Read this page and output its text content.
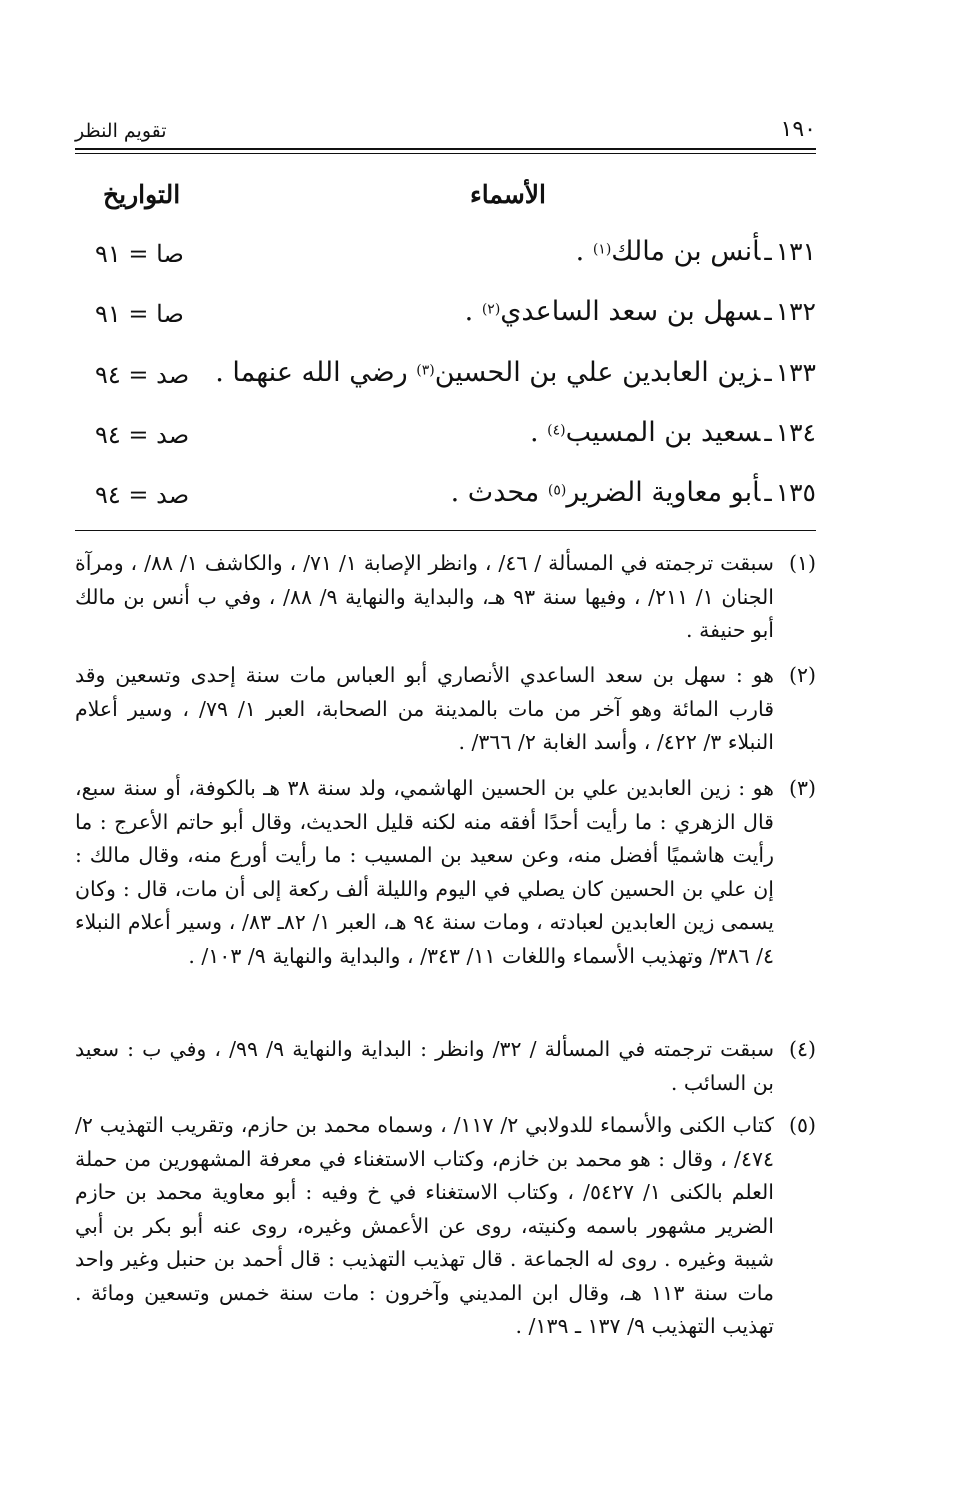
١٩٠
تقويم النظر
الأسماء
التواريخ
١٣١ـأنس بن مالك$^{(١)}$ .
صا = ٩١
١٣٢ـسهل بن سعد الساعدي$^{(٢)}$ .
صا = ٩١
١٣٣ـزين العابدين علي بن الحسين$^{(٣)}$ رضي الله عنهما .
صد = ٩٤
١٣٤ـسعيد بن المسيب$^{(٤)}$ .
صد = ٩٤
١٣٥ـأبو معاوية الضرير$^{(٥)}$ محدث .
صد = ٩٤
(١)
سبقت ترجمته في المسألة / ٤٦/ ، وانظر الإصابة ١/ ٧١/ ، والكاشف ١/ ٨٨/ ، ومرآة الجنان ١/ ٢١١/ ، وفيها سنة ٩٣ هـ، والبداية والنهاية ٩/ ٨٨/ ، وفي ب أنس بن مالك أبو حنيفة .
(٢)
هو : سهل بن سعد الساعدي الأنصاري أبو العباس مات سنة إحدى وتسعين وقد قارب المائة وهو آخر من مات بالمدينة من الصحابة، العبر ١/ ٧٩/ ، وسير أعلام النبلاء ٣/ ٤٢٢/ ، وأسد الغابة ٢/ ٣٦٦/ .
(٣)
هو : زين العابدين علي بن الحسين الهاشمي، ولد سنة ٣٨ هـ بالكوفة، أو سنة سبع، قال الزهري : ما رأيت أحدًا أفقه منه لكنه قليل الحديث، وقال أبو حاتم الأعرج : ما رأيت هاشميًا أفضل منه، وعن سعيد بن المسيب : ما رأيت أورع منه، وقال مالك : إن علي بن الحسين كان يصلي في اليوم والليلة ألف ركعة إلى أن مات، قال : وكان يسمى زين العابدين لعبادته ، ومات سنة ٩٤ هـ، العبر ١/ ٨٢ـ ٨٣/ ، وسير أعلام النبلاء ٤/ ٣٨٦/ وتهذيب الأسماء واللغات ١١/ ٣٤٣/ ، والبداية والنهاية ٩/ ١٠٣/ .
(٤)
سبقت ترجمته في المسألة / ٣٢/ وانظر : البداية والنهاية ٩/ ٩٩/ ، وفي ب : سعيد بن السائب .
(٥)
كتاب الكنى والأسماء للدولابي ٢/ ١١٧/ ، وسماه محمد بن حازم، وتقريب التهذيب ٢/ ٤٧٤/ ، وقال : هو محمد بن خازم، وكتاب الاستغناء في معرفة المشهورين من حملة العلم بالكنى ١/ ٥٤٢٧/ ، وكتاب الاستغناء في خ وفيه : أبو معاوية محمد بن حازم الضرير مشهور باسمه وكنيته، روى عن الأعمش وغيره، روى عنه أبو بكر بن أبي شيبة وغيره . روى له الجماعة . قال تهذيب التهذيب : قال أحمد بن حنبل وغير واحد مات سنة ١١٣ هـ، وقال ابن المديني وآخرون : مات سنة خمس وتسعين ومائة . تهذيب التهذيب ٩/ ١٣٧ ـ ١٣٩/ .
